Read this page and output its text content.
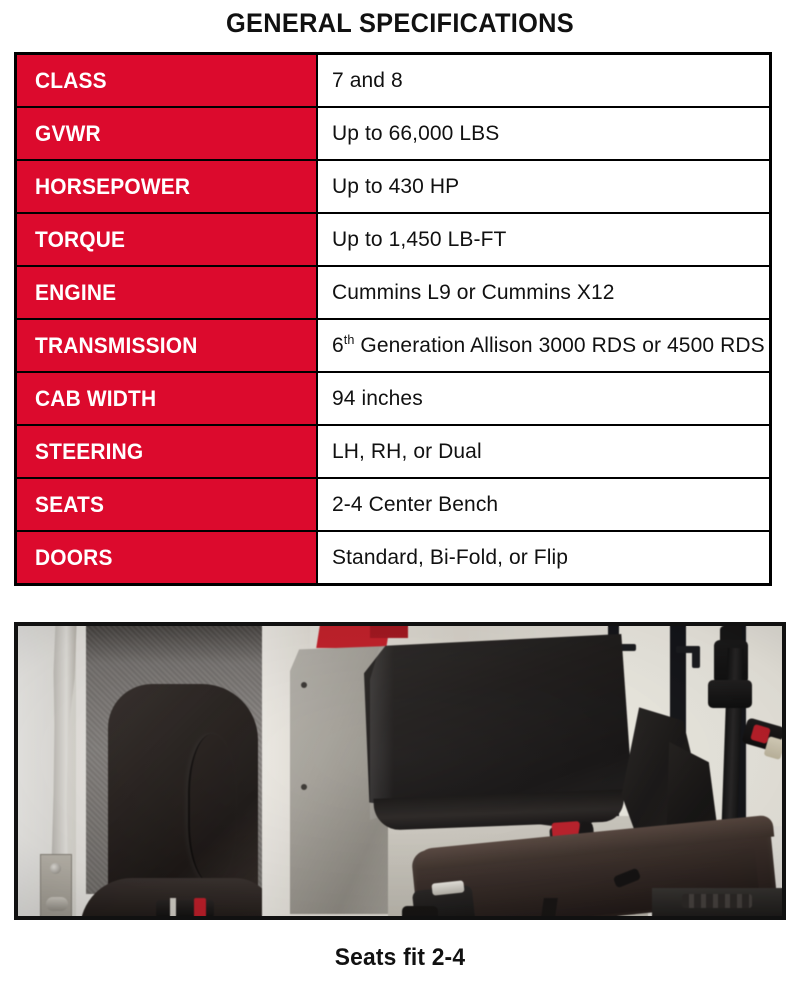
GENERAL SPECIFICATIONS
CLASS	7 and 8
GVWR	Up to 66,000 LBS
HORSEPOWER	Up to 430 HP
TORQUE	Up to 1,450 LB-FT
ENGINE	Cummins L9 or Cummins X12
TRANSMISSION	6th Generation Allison 3000 RDS or 4500 RDS
CAB WIDTH	94 inches
STEERING	LH, RH, or Dual
SEATS	2-4 Center Bench
DOORS	Standard, Bi-Fold, or Flip
Seats fit 2-4
